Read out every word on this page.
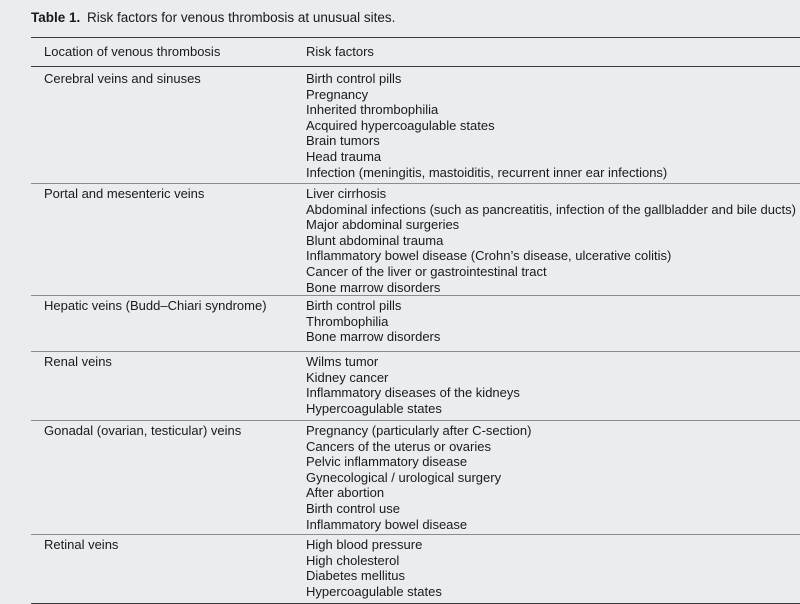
Table 1. Risk factors for venous thrombosis at unusual sites.
Location of venous thrombosis	Risk factors
Cerebral veins and sinuses	Birth control pills
Pregnancy
Inherited thrombophilia
Acquired hypercoagulable states
Brain tumors
Head trauma
Infection (meningitis, mastoiditis, recurrent inner ear infections)
Portal and mesenteric veins	Liver cirrhosis
Abdominal infections (such as pancreatitis, infection of the gallbladder and bile ducts)
Major abdominal surgeries
Blunt abdominal trauma
Inflammatory bowel disease (Crohn’s disease, ulcerative colitis)
Cancer of the liver or gastrointestinal tract
Bone marrow disorders
Hepatic veins (Budd–Chiari syndrome)	Birth control pills
Thrombophilia
Bone marrow disorders
Renal veins	Wilms tumor
Kidney cancer
Inflammatory diseases of the kidneys
Hypercoagulable states
Gonadal (ovarian, testicular) veins	Pregnancy (particularly after C-section)
Cancers of the uterus or ovaries
Pelvic inflammatory disease
Gynecological / urological surgery
After abortion
Birth control use
Inflammatory bowel disease
Retinal veins	High blood pressure
High cholesterol
Diabetes mellitus
Hypercoagulable states
